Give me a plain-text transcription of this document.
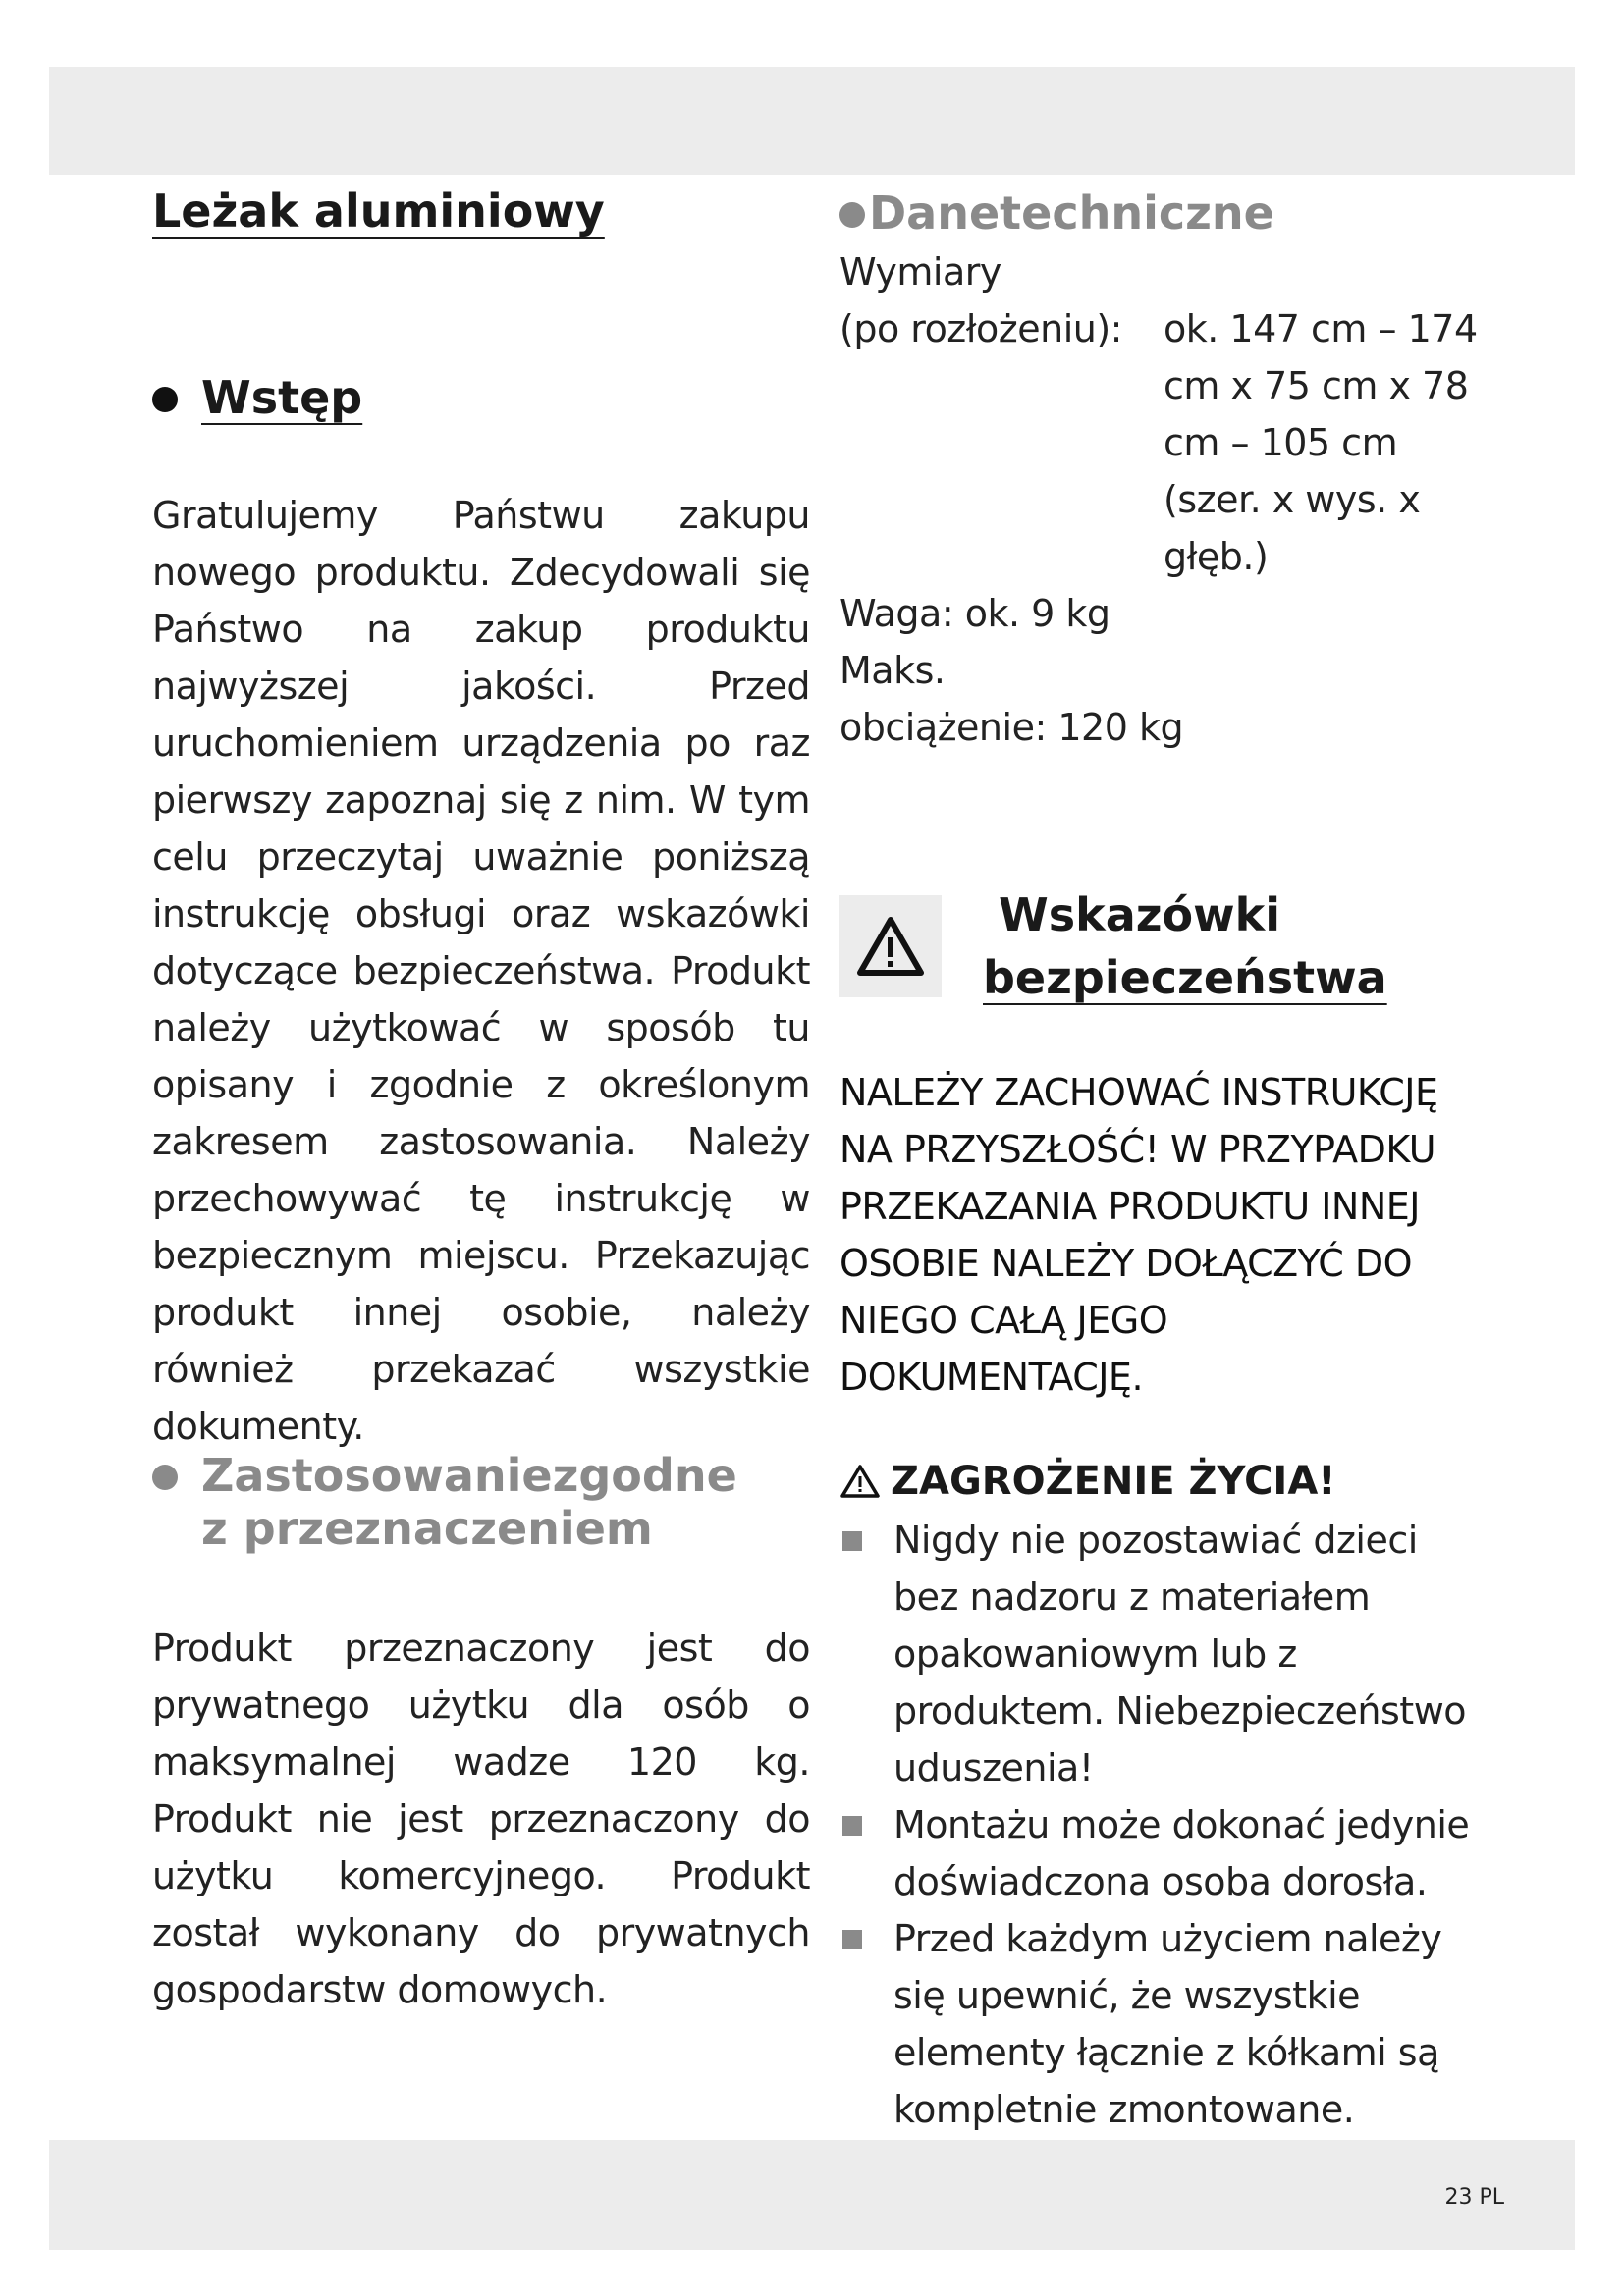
Leżak aluminiowy
Wstęp

Gratulujemy Państwu zakupu nowego produktu. Zdecydowali się Państwo na zakup produktu najwyższej jakości. Przed uruchomieniem urządzenia po raz pierwszy zapoznaj się z nim. W tym celu przeczytaj uważnie poniższą instrukcję obsługi oraz wskazówki dotyczące bezpieczeństwa. Produkt należy użytkować w sposób tu opisany i zgodnie z określonym zakresem zastosowania. Należy przechowywać tę instrukcję w bezpiecznym miejscu. Przekazując produkt innej osobie, należy również przekazać wszystkie dokumenty.

Zastosowaniezgodne
z przeznaczeniem

Produkt przeznaczony jest do prywatnego użytku dla osób o maksymalnej wadze 120 kg. Produkt nie jest przeznaczony do użytku komercyjnego. Produkt został wykonany do prywatnych gospodarstw domowych.

Danetechniczne
Wymiary
(po rozłożeniu):	ok. 147 cm – 174 cm x 75 cm x 78 cm – 105 cm (szer. x wys. x głęb.)
Waga: ok. 9 kg
Maks.
obciążenie: 120 kg
Wskazówki
bezpieczeństwa

NALEŻY ZACHOWAĆ INSTRUKCJĘ NA PRZYSZŁOŚĆ! W PRZYPADKU PRZEKAZANIA PRODUKTU INNEJ OSOBIE NALEŻY DOŁĄCZYĆ DO NIEGO CAŁĄ JEGO DOKUMENTACJĘ.

ZAGROŻENIE ŻYCIA!
Nigdy nie pozostawiać dzieci bez nadzoru z materiałem opakowaniowym lub z produktem. Niebezpieczeństwo uduszenia!
Montażu może dokonać jedynie doświadczona osoba dorosła.
Przed każdym użyciem należy się upewnić, że wszystkie elementy łącznie z kółkami są kompletnie zmontowane.
23 PL
